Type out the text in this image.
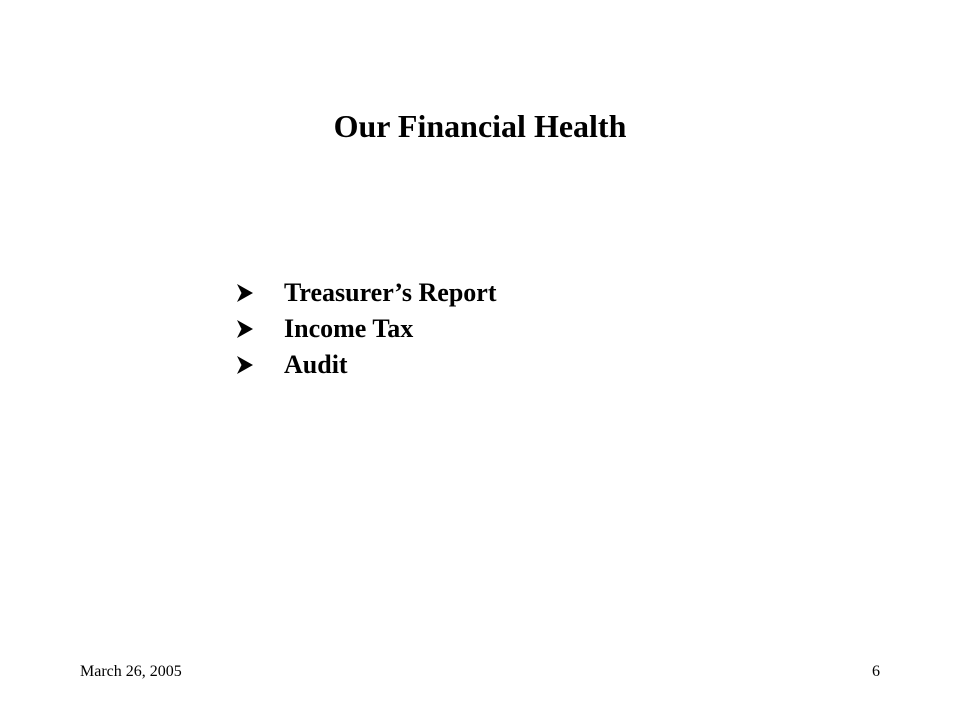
Our Financial Health
Treasurer’s Report
Income Tax
Audit
March 26, 2005	6
